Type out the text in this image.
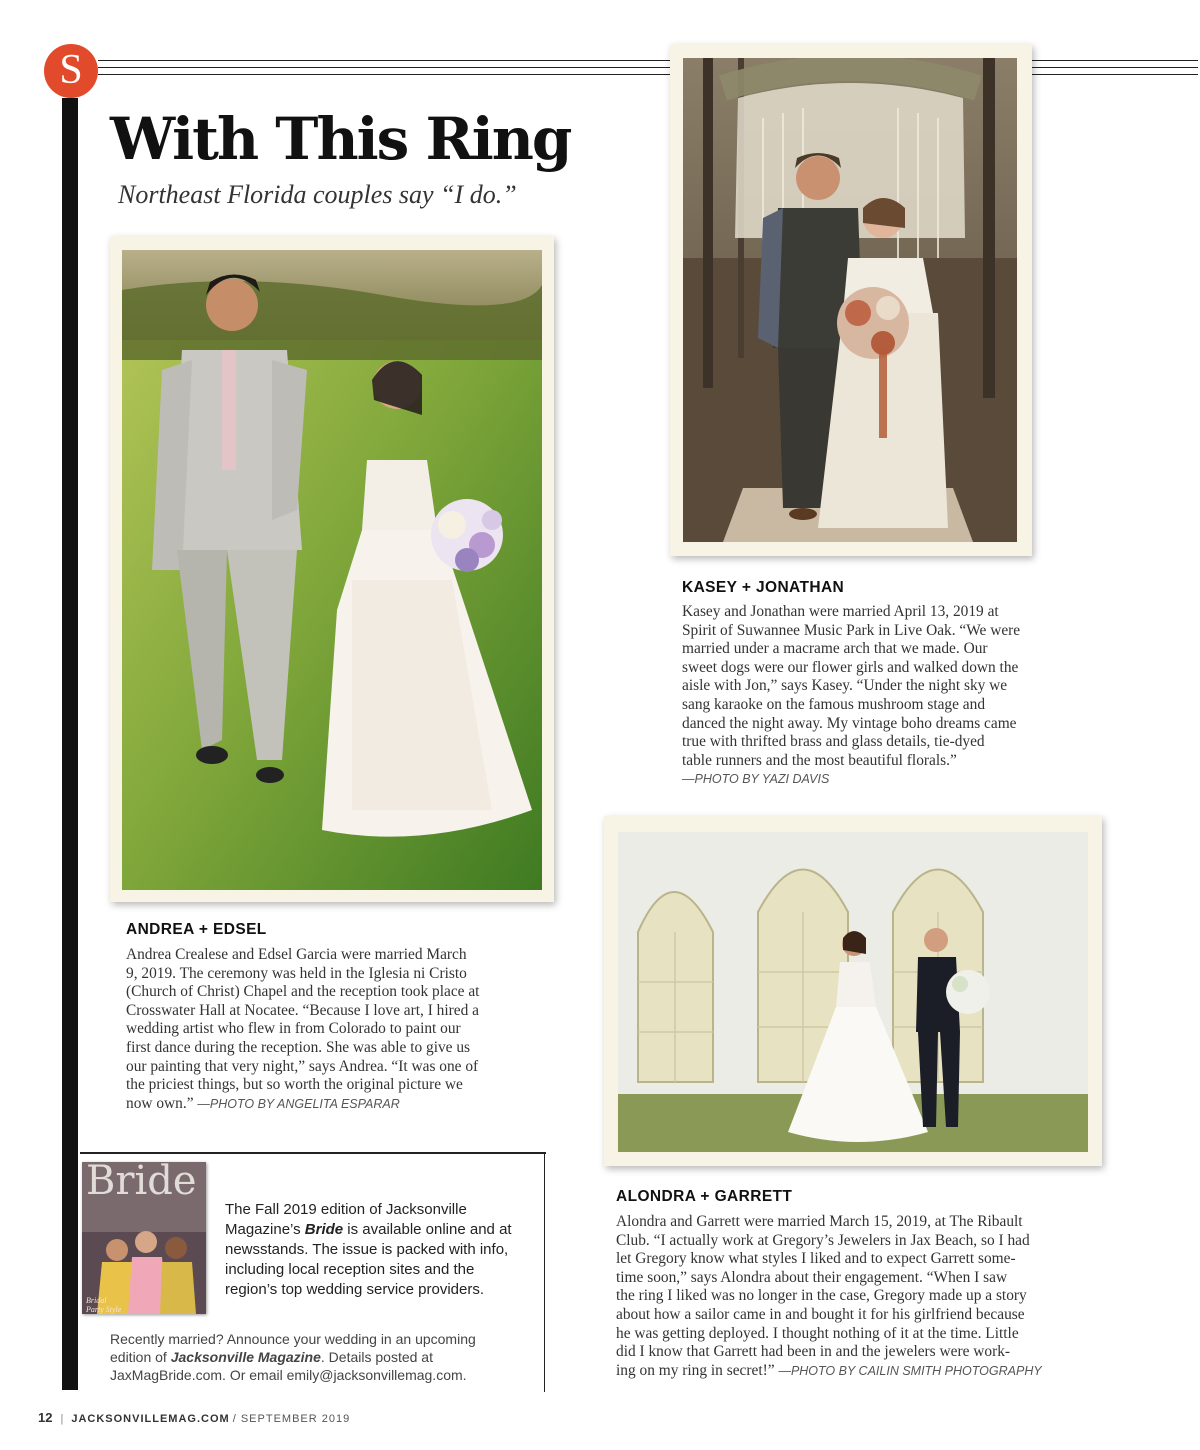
S
With This Ring
Northeast Florida couples say “I do.”
ANDREA + EDSEL

Andrea Crealese and Edsel Garcia were married March

9, 2019. The ceremony was held in the Iglesia ni Cristo

(Church of Christ) Chapel and the reception took place at

Crosswater Hall at Nocatee. “Because I love art, I hired a

wedding artist who flew in from Colorado to paint our

first dance during the reception. She was able to give us

our painting that very night,” says Andrea. “It was one of

the priciest things, but so worth the original picture we

now own.” —PHOTO BY ANGELITA ESPARAR

KASEY + JONATHAN

Kasey and Jonathan were married April 13, 2019 at

Spirit of Suwannee Music Park in Live Oak. “We were

married under a macrame arch that we made. Our

sweet dogs were our flower girls and walked down the

aisle with Jon,” says Kasey. “Under the night sky we

sang karaoke on the famous mushroom stage and

danced the night away. My vintage boho dreams came

true with thrifted brass and glass details, tie-dyed

table runners and the most beautiful florals.”

—PHOTO BY YAZI DAVIS

ALONDRA + GARRETT

Alondra and Garrett were married March 15, 2019, at The Ribault

Club. “I actually work at Gregory’s Jewelers in Jax Beach, so I had

let Gregory know what styles I liked and to expect Garrett some-

time soon,” says Alondra about their engagement. “When I saw

the ring I liked was no longer in the case, Gregory made up a story

about how a sailor came in and bought it for his girlfriend because

he was getting deployed. I thought nothing of it at the time. Little

did I know that Garrett had been in and the jewelers were work-

ing on my ring in secret!” —PHOTO BY CAILIN SMITH PHOTOGRAPHY

Bride
Bridal Party Style

The Fall 2019 edition of Jacksonville

Magazine’s Bride is available online and at

newsstands. The issue is packed with info,

including local reception sites and the

region’s top wedding service providers.

Recently married? Announce your wedding in an upcoming

edition of Jacksonville Magazine. Details posted at

JaxMagBride.com. Or email emily@jacksonvillemag.com.

12 | JACKSONVILLEMAG.COM / SEPTEMBER 2019
